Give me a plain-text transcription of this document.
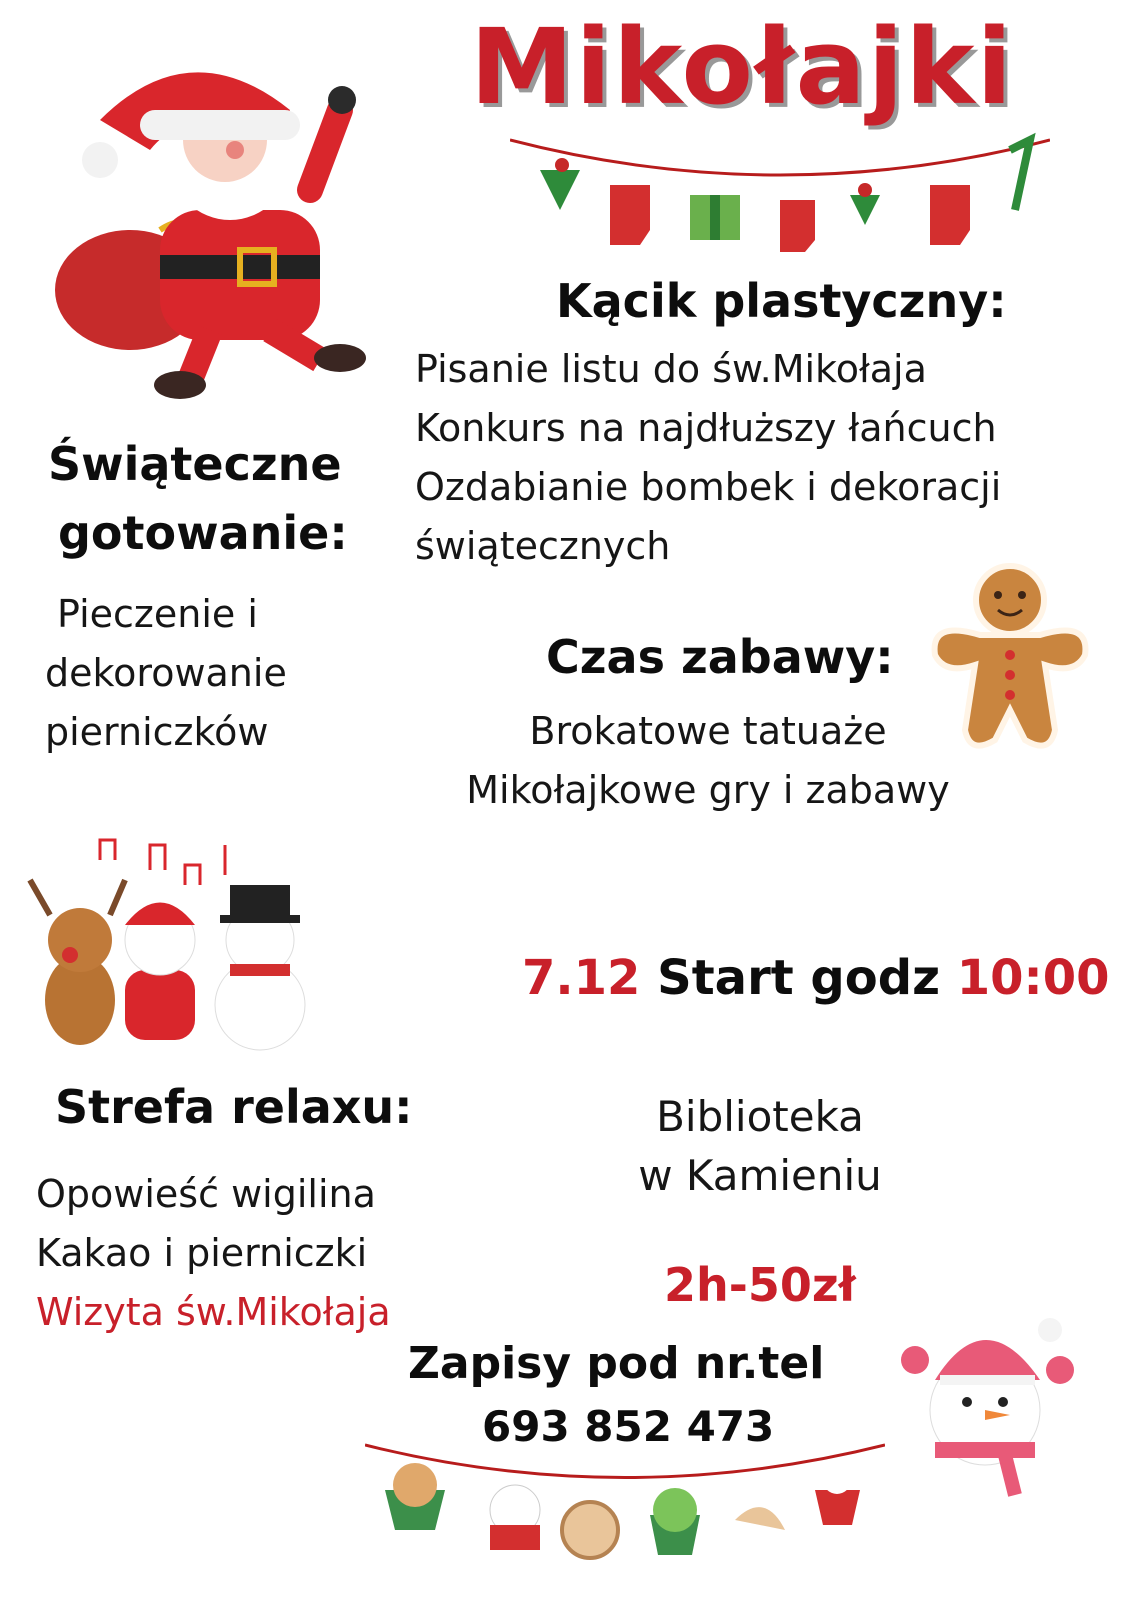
Mikołajki
Kącik plastyczny:
Pisanie listu do św.Mikołaja
Konkurs na najdłuższy łańcuch
Ozdabianie bombek i dekoracji
świątecznych
Świąteczne
gotowanie:
Pieczenie i
dekorowanie
pierniczków
Czas zabawy:
Brokatowe tatuaże
Mikołajkowe gry i zabawy
7.12 Start godz 10:00
Strefa relaxu:
Opowieść wigilina
Kakao i pierniczki
Wizyta św.Mikołaja
Biblioteka
w Kamieniu
2h-50zł
Zapisy pod nr.tel
693 852 473
